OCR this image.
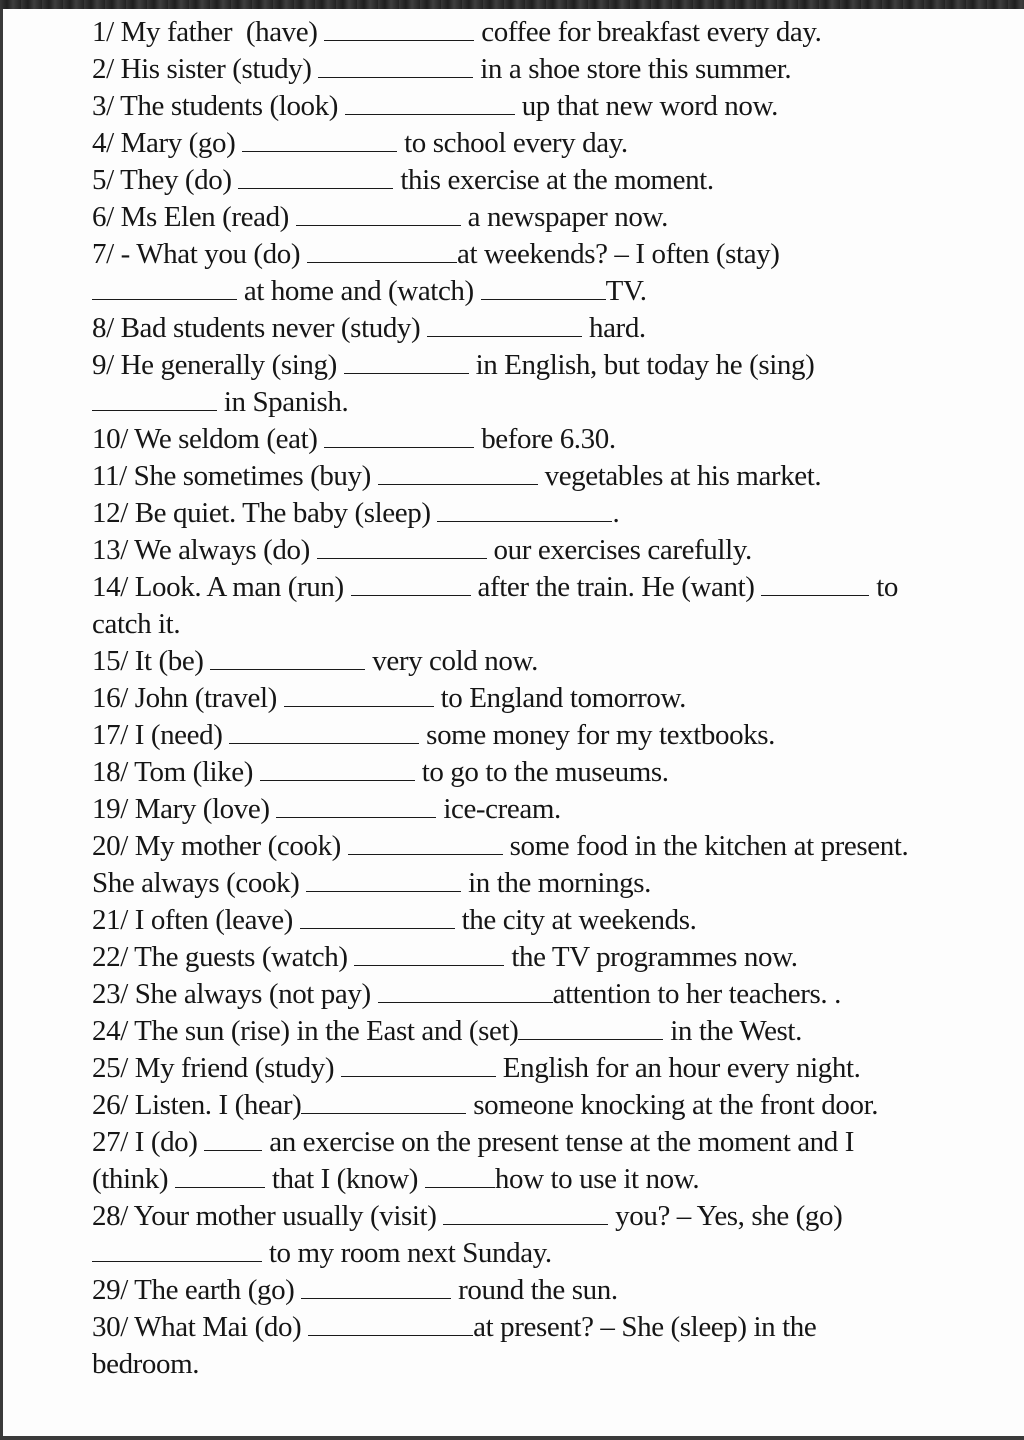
1/ My father  (have)	coffee for breakfast every day.
2/ His sister (study)	in a shoe store this summer.
3/ The students (look)	up that new word now.
4/ Mary (go)	to school every day.
5/ They (do)	this exercise at the moment.
6/ Ms Elen (read)	a newspaper now.
7/ - What you (do)	at weekends? – I often (stay)
at home and (watch)	TV.
8/ Bad students never (study)	hard.
9/ He generally (sing)	in English, but today he (sing)
in Spanish.
10/ We seldom (eat)	before 6.30.
11/ She sometimes (buy)	vegetables at his market.
12/ Be quiet. The baby (sleep)	.
13/ We always (do)	our exercises carefully.
14/ Look. A man (run)	after the train. He (want)	to
catch it.
15/ It (be)	very cold now.
16/ John (travel)	to England tomorrow.
17/ I (need)	some money for my textbooks.
18/ Tom (like)	to go to the museums.
19/ Mary (love)	ice-cream.
20/ My mother (cook)	some food in the kitchen at present.
She always (cook)	in the mornings.
21/ I often (leave)	the city at weekends.
22/ The guests (watch)	the TV programmes now.
23/ She always (not pay)	attention to her teachers. .
24/ The sun (rise) in the East and (set)	in the West.
25/ My friend (study)	English for an hour every night.
26/ Listen. I (hear)	someone knocking at the front door.
27/ I (do)  an exercise on the present tense at the moment and I
(think)	that I (know) how to use it now.
28/ Your mother usually (visit)	you? – Yes, she (go)
to my room next Sunday.
29/ The earth (go)	round the sun.
30/ What Mai (do)	at present? – She (sleep) in the
bedroom.
